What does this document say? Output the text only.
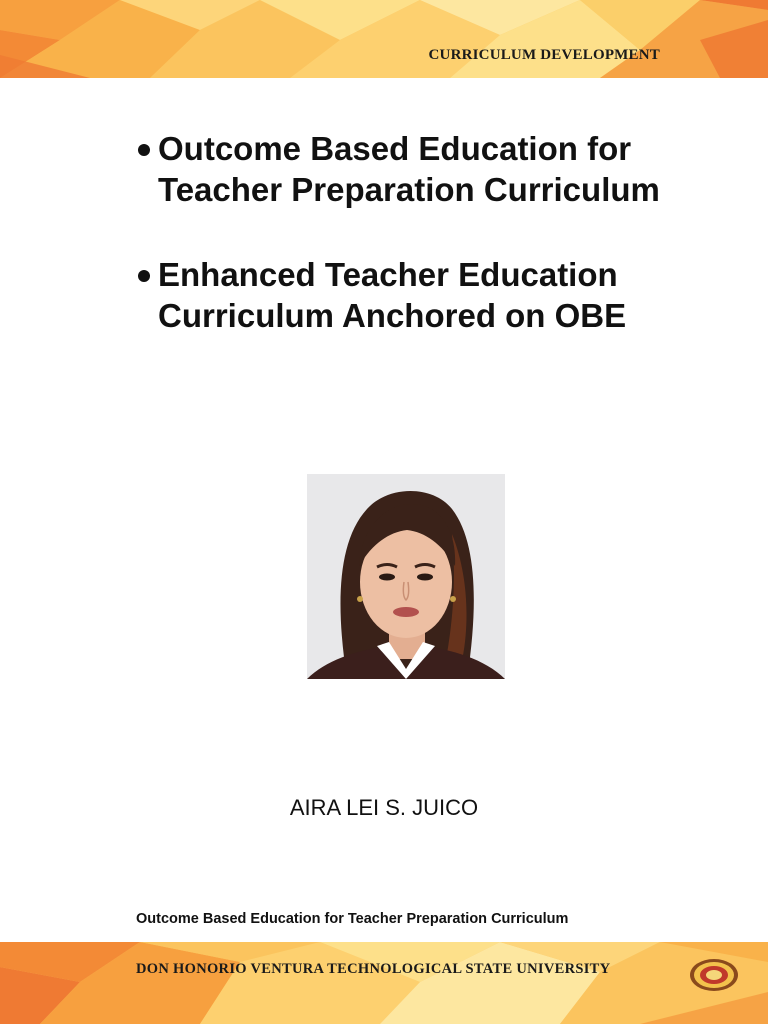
CURRICULUM DEVELOPMENT
Outcome Based Education for Teacher Preparation Curriculum
Enhanced Teacher Education Curriculum Anchored on OBE
AIRA LEI S. JUICO
Outcome Based Education for Teacher Preparation Curriculum
DON HONORIO VENTURA TECHNOLOGICAL STATE UNIVERSITY
